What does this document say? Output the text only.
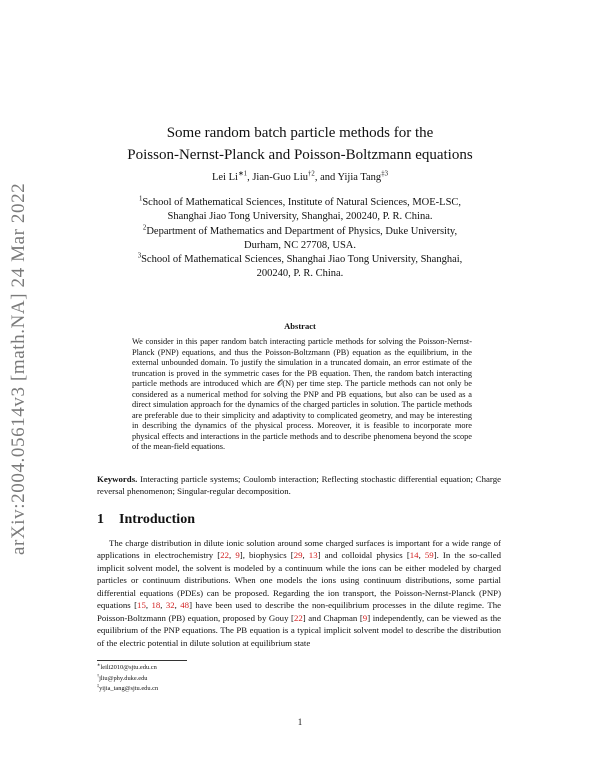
arXiv:2004.05614v3 [math.NA] 24 Mar 2022
Some random batch particle methods for the
Poisson-Nernst-Planck and Poisson-Boltzmann equations
Lei $Li^{∗1}$, Jian-Guo Liu$^{\dagger 2}$, and Yijia Tang$^{\ddagger 3}$
$^1$School of Mathematical Sciences, Institute of Natural Sciences, MOE-LSC,
Shanghai Jiao Tong University, Shanghai, 200240, P. R. China.
$^2$Department of Mathematics and Department of Physics, Duke University,
Durham, NC 27708, USA.
$^3$School of Mathematical Sciences, Shanghai Jiao Tong University, Shanghai,
200240, P. R. China.
Abstract
We consider in this paper random batch interacting particle methods for solving the Poisson-Nernst-Planck (PNP) equations, and thus the Poisson-Boltzmann (PB) equation as the equilibrium, in the external unbounded domain. To justify the simulation in a truncated domain, an error estimate of the truncation is proved in the symmetric cases for the PB equation. Then, the random batch interacting particle methods are introduced which are 𝒪(N) per time step. The particle methods can not only be considered as a numerical method for solving the PNP and PB equations, but also can be used as a direct simulation approach for the dynamics of the charged particles in solution. The particle methods are preferable due to their simplicity and adaptivity to complicated geometry, and may be interesting in describing the dynamics of the physical process. Moreover, it is feasible to incorporate more physical effects and interactions in the particle methods and to describe phenomena beyond the scope of the mean-field equations.
Keywords. Interacting particle systems; Coulomb interaction; Reflecting stochastic differential equation; Charge reversal phenomenon; Singular-regular decomposition.
1 Introduction

The charge distribution in dilute ionic solution around some charged surfaces is important for a wide range of applications in electrochemistry [22, 9], biophysics [29, 13] and colloidal physics [14, 59]. In the so-called implicit solvent model, the solvent is modeled by a continuum while the ions can be either modeled by charged particles or continuum distributions. When one models the ions using continuum distributions, some partial differential equations (PDEs) can be proposed. Regarding the ion transport, the Poisson-Nernst-Planck (PNP) equations [15, 18, 32, 48] have been used to describe the non-equilibrium processes in the dilute regime. The Poisson-Boltzmann (PB) equation, proposed by Gouy [22] and Chapman [9] independently, can be viewed as the equilibrium of the PNP equations. The PB equation is a typical implicit solvent model to describe the distribution of the electric potential in dilute solution at equilibrium state

∗leili2010@sjtu.edu.cn
†jliu@phy.duke.edu
‡yijia_tang@sjtu.edu.cn
1
